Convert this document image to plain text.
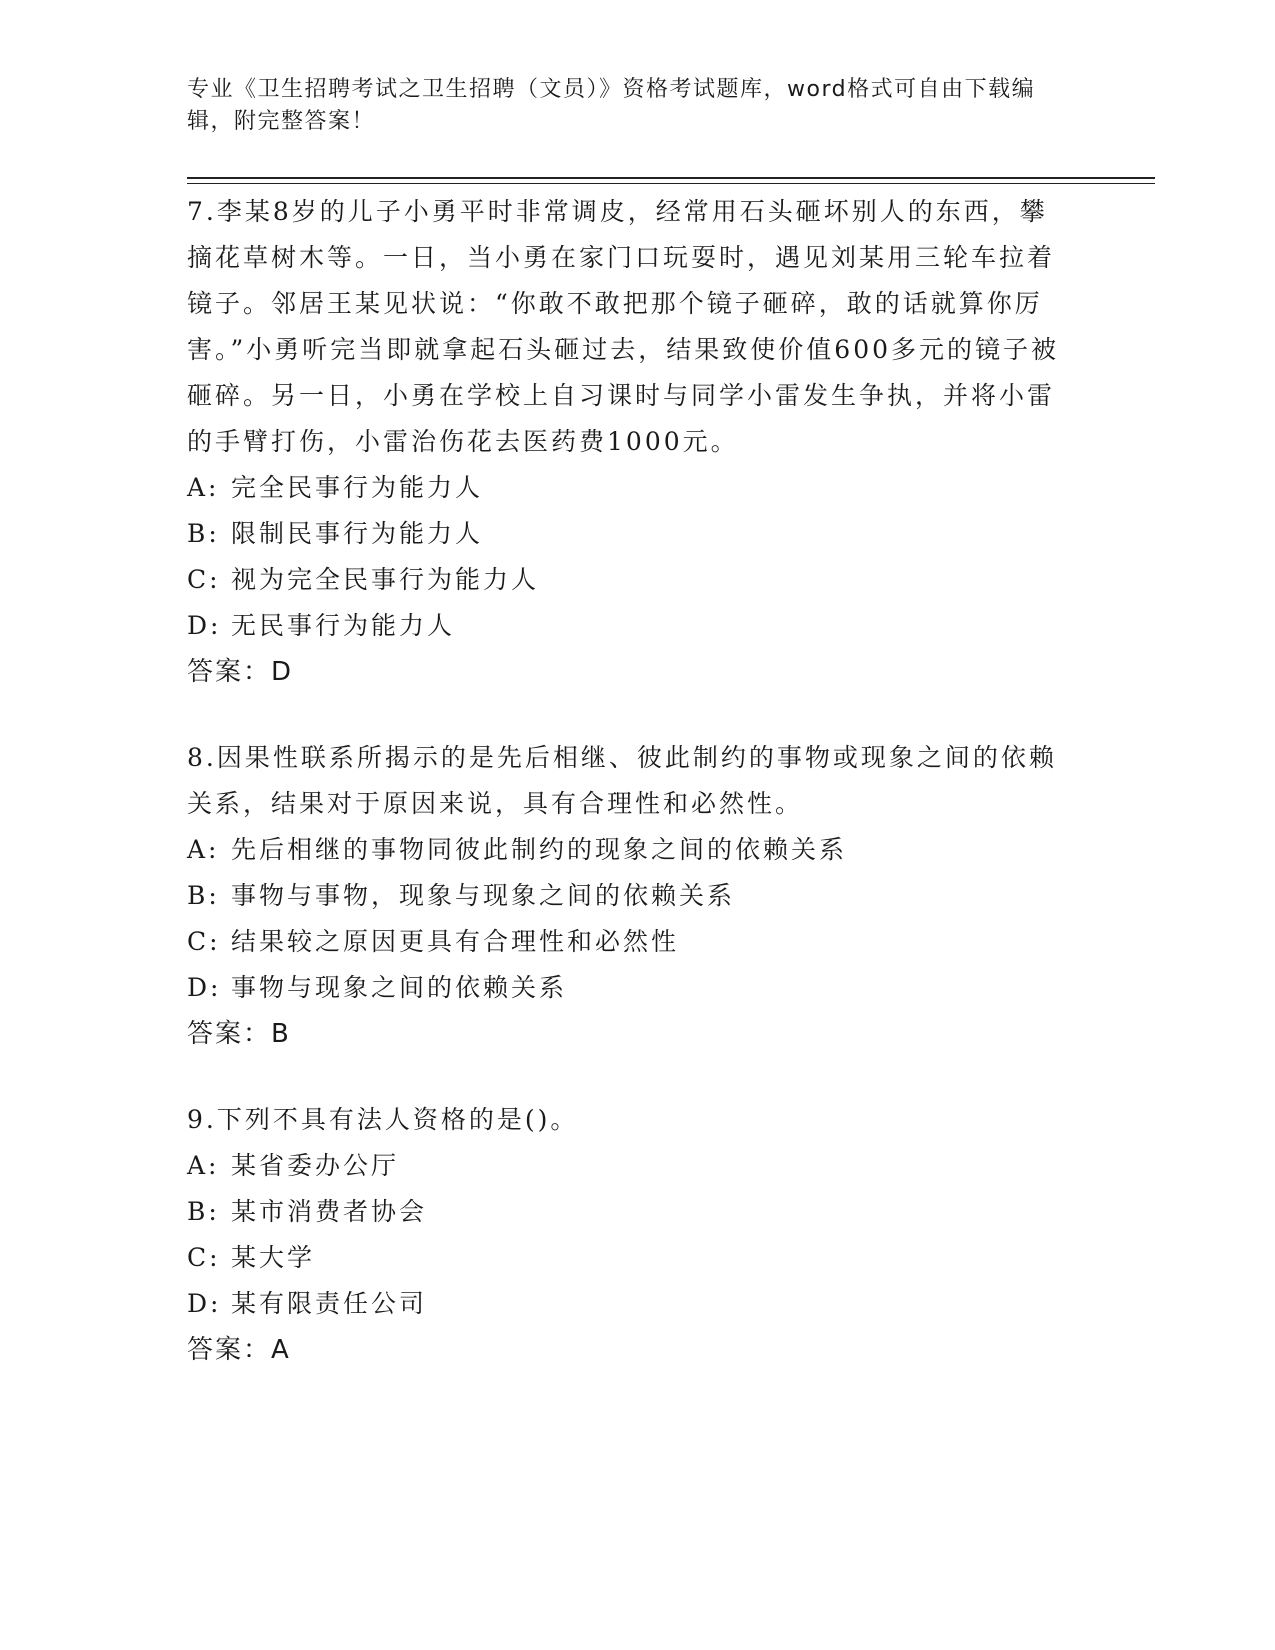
专业《卫生招聘考试之卫生招聘（文员）》资格考试题库，word格式可自由下载编辑，附完整答案！

7.李某8岁的儿子小勇平时非常调皮，经常用石头砸坏别人的东西，攀摘花草树木等。一日，当小勇在家门口玩耍时，遇见刘某用三轮车拉着镜子。邻居王某见状说：“你敢不敢把那个镜子砸碎，敢的话就算你厉害。”小勇听完当即就拿起石头砸过去，结果致使价值600多元的镜子被砸碎。另一日，小勇在学校上自习课时与同学小雷发生争执，并将小雷的手臂打伤，小雷治伤花去医药费1000元。

A: 完全民事行为能力人

B: 限制民事行为能力人

C: 视为完全民事行为能力人

D: 无民事行为能力人

答案：D

8.因果性联系所揭示的是先后相继、彼此制约的事物或现象之间的依赖关系，结果对于原因来说，具有合理性和必然性。

A: 先后相继的事物同彼此制约的现象之间的依赖关系

B: 事物与事物，现象与现象之间的依赖关系

C: 结果较之原因更具有合理性和必然性

D: 事物与现象之间的依赖关系

答案：B

9.下列不具有法人资格的是()。

A: 某省委办公厅

B: 某市消费者协会

C: 某大学

D: 某有限责任公司

答案：A
